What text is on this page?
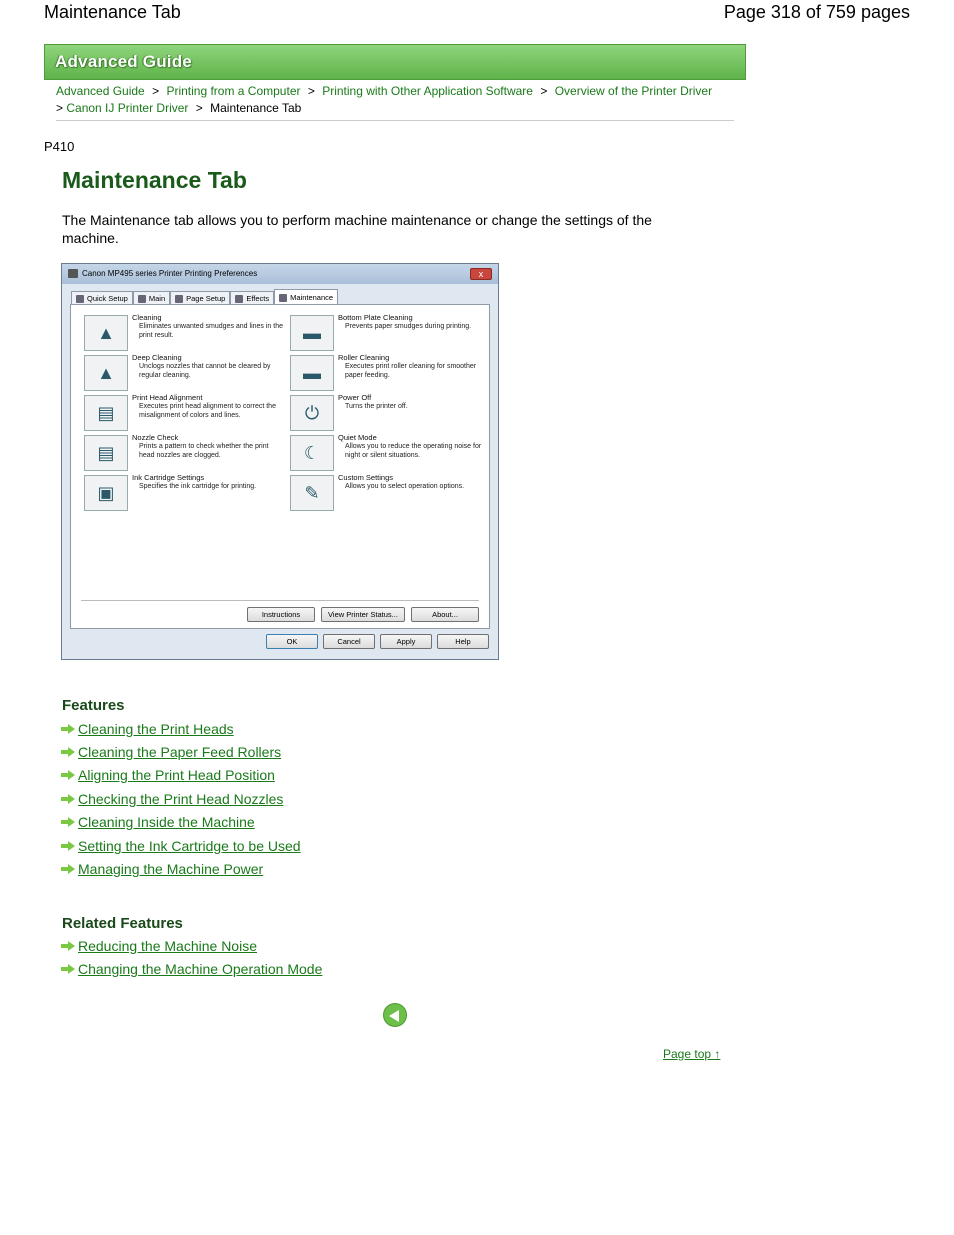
Maintenance Tab	Page 318 of 759 pages
Advanced Guide
Advanced Guide > Printing from a Computer > Printing with Other Application Software > Overview of the Printer Driver
> Canon IJ Printer Driver > Maintenance Tab
P410
Maintenance Tab

The Maintenance tab allows you to perform machine maintenance or change the settings of the machine.

Canon MP495 series Printer Printing Preferences	x
Quick Setup	Main	Page Setup	Effects	Maintenance
▲
Cleaning
Eliminates unwanted smudges and lines in the print result.
▲
Deep Cleaning
Unclogs nozzles that cannot be cleared by regular cleaning.
▤
Print Head Alignment
Executes print head alignment to correct the misalignment of colors and lines.
▤
Nozzle Check
Prints a pattern to check whether the print head nozzles are clogged.
▣
Ink Cartridge Settings
Specifies the ink cartridge for printing.
▬
Bottom Plate Cleaning
Prevents paper smudges during printing.
▬
Roller Cleaning
Executes print roller cleaning for smoother paper feeding.
⏻
Power Off
Turns the printer off.
☾
Quiet Mode
Allows you to reduce the operating noise for night or silent situations.
✎
Custom Settings
Allows you to select operation options.
Instructions	View Printer Status...	About...
OK	Cancel	Apply	Help
Features
Cleaning the Print Heads
Cleaning the Paper Feed Rollers
Aligning the Print Head Position
Checking the Print Head Nozzles
Cleaning Inside the Machine
Setting the Ink Cartridge to be Used
Managing the Machine Power
Related Features
Reducing the Machine Noise
Changing the Machine Operation Mode
Page top ↑
